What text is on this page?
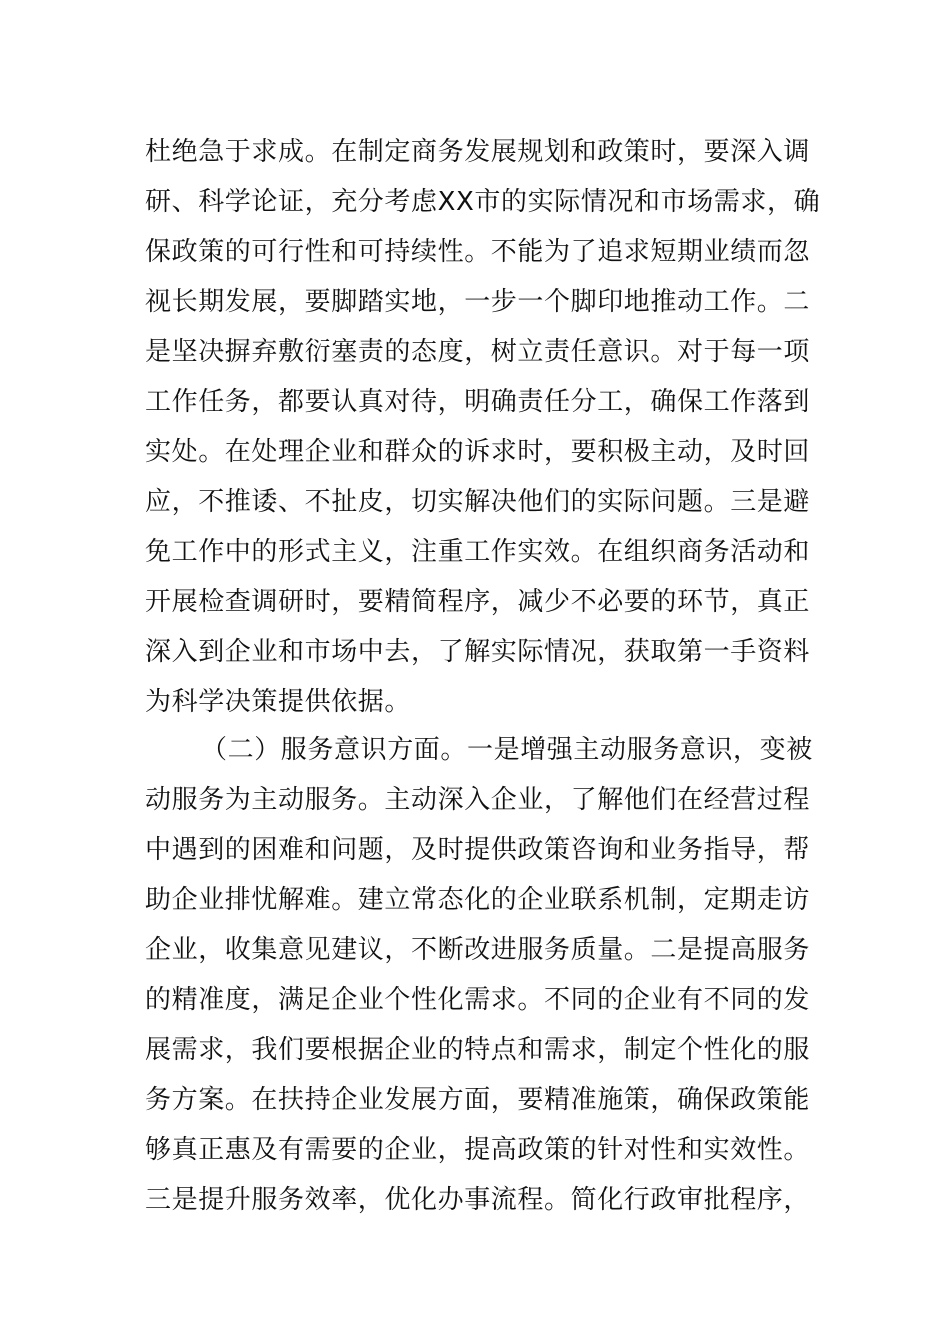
杜绝急于求成。在制定商务发展规划和政策时，要深入调
研、科学论证，充分考虑XX市的实际情况和市场需求，确
保政策的可行性和可持续性。不能为了追求短期业绩而忽
视长期发展，要脚踏实地，一步一个脚印地推动工作。二
是坚决摒弃敷衍塞责的态度，树立责任意识。对于每一项
工作任务，都要认真对待，明确责任分工，确保工作落到
实处。在处理企业和群众的诉求时，要积极主动，及时回
应，不推诿、不扯皮，切实解决他们的实际问题。三是避
免工作中的形式主义，注重工作实效。在组织商务活动和
开展检查调研时，要精简程序，减少不必要的环节，真正
深入到企业和市场中去，了解实际情况，获取第一手资料
为科学决策提供依据。
（二）服务意识方面。一是增强主动服务意识，变被
动服务为主动服务。主动深入企业，了解他们在经营过程
中遇到的困难和问题，及时提供政策咨询和业务指导，帮
助企业排忧解难。建立常态化的企业联系机制，定期走访
企业，收集意见建议，不断改进服务质量。二是提高服务
的精准度，满足企业个性化需求。不同的企业有不同的发
展需求，我们要根据企业的特点和需求，制定个性化的服
务方案。在扶持企业发展方面，要精准施策，确保政策能
够真正惠及有需要的企业，提高政策的针对性和实效性。
三是提升服务效率，优化办事流程。简化行政审批程序，
